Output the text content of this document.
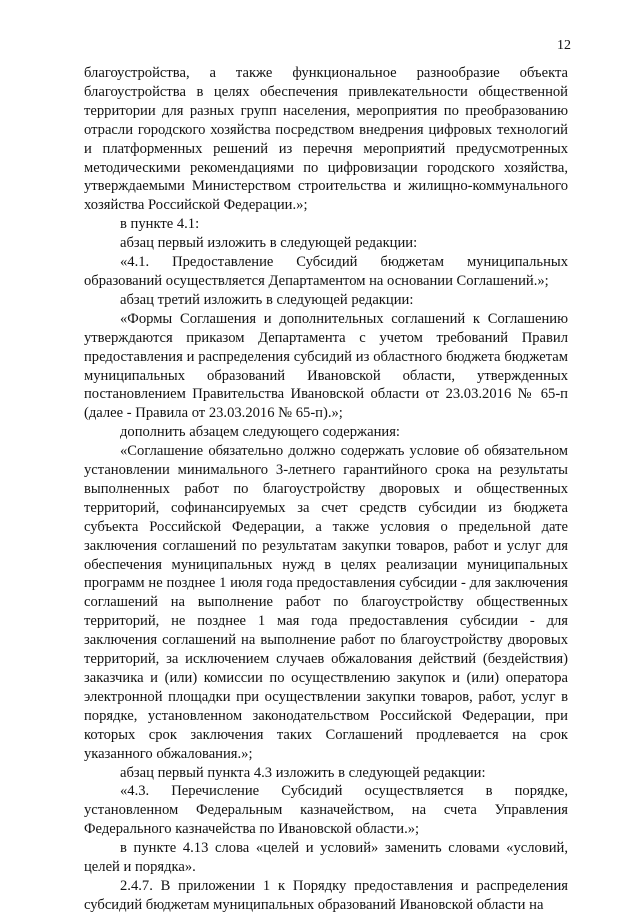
12

благоустройства, а также функциональное разнообразие объекта благоустройства в целях обеспечения привлекательности общественной территории для разных групп населения, мероприятия по преобразованию отрасли городского хозяйства посредством внедрения цифровых технологий и платформенных решений из перечня мероприятий предусмотренных методическими рекомендациями по цифровизации городского хозяйства, утверждаемыми Министерством строительства и жилищно-коммунального хозяйства Российской Федерации.»;

в пункте 4.1:

абзац первый изложить в следующей редакции:

«4.1. Предоставление Субсидий бюджетам муниципальных образований осуществляется Департаментом на основании Соглашений.»;

абзац третий изложить в следующей редакции:

«Формы Соглашения и дополнительных соглашений к Соглашению утверждаются приказом Департамента с учетом требований Правил предоставления и распределения субсидий из областного бюджета бюджетам муниципальных образований Ивановской области, утвержденных постановлением Правительства Ивановской области от 23.03.2016 № 65-п (далее - Правила от 23.03.2016 № 65-п).»;

дополнить абзацем следующего содержания:

«Соглашение обязательно должно содержать условие об обязательном установлении минимального 3-летнего гарантийного срока на результаты выполненных работ по благоустройству дворовых и общественных территорий, софинансируемых за счет средств субсидии из бюджета субъекта Российской Федерации, а также условия о предельной дате заключения соглашений по результатам закупки товаров, работ и услуг для обеспечения муниципальных нужд в целях реализации муниципальных программ не позднее 1 июля года предоставления субсидии - для заключения соглашений на выполнение работ по благоустройству общественных территорий, не позднее 1 мая года предоставления субсидии - для заключения соглашений на выполнение работ по благоустройству дворовых территорий, за исключением случаев обжалования действий (бездействия) заказчика и (или) комиссии по осуществлению закупок и (или) оператора электронной площадки при осуществлении закупки товаров, работ, услуг в порядке, установленном законодательством Российской Федерации, при которых срок заключения таких Соглашений продлевается на срок указанного обжалования.»;

абзац первый пункта 4.3 изложить в следующей редакции:

«4.3. Перечисление Субсидий осуществляется в порядке, установленном Федеральным казначейством, на счета Управления Федерального казначейства по Ивановской области.»;

в пункте 4.13 слова «целей и условий» заменить словами «условий, целей и порядка».

2.4.7. В приложении 1 к Порядку предоставления и распределения субсидий бюджетам муниципальных образований Ивановской области на
